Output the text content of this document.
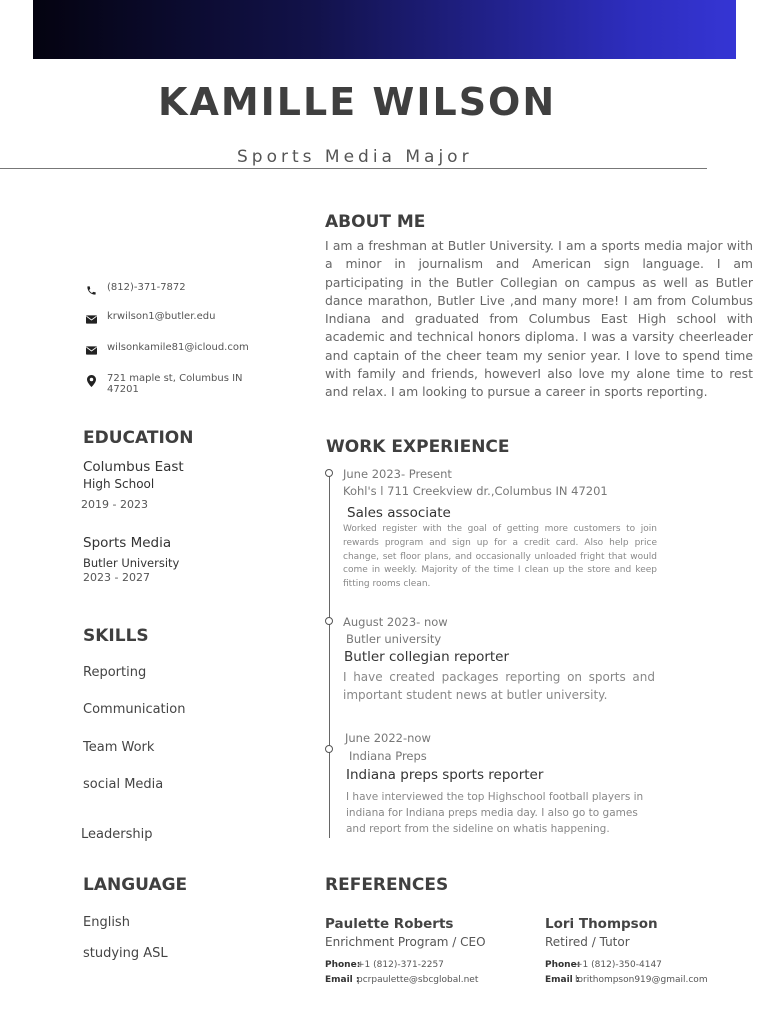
KAMILLE WILSON
Sports Media Major
(812)-371-7872
krwilson1@butler.edu
wilsonkamile81@icloud.com
721 maple st, Columbus IN 47201
EDUCATION
Columbus East
High School
2019 - 2023
Sports Media
Butler University
2023 - 2027
SKILLS
Reporting
Communication
Team Work
social Media
Leadership
LANGUAGE
English
studying ASL
ABOUT ME
I am a freshman at Butler University. I am a sports media major with a minor in journalism and American sign language. I am participating in the Butler Collegian on campus as well as Butler dance marathon, Butler Live ,and many more! I am from Columbus Indiana and graduated from Columbus East High school with academic and technical honors diploma. I was a varsity cheerleader and captain of the cheer team my senior year. I love to spend time with family and friends, howeverI also love my alone time to rest and relax. I am looking to pursue a career in sports reporting.
WORK EXPERIENCE
June 2023- Present
Kohl's l 711 Creekview dr.,Columbus IN 47201
Sales associate
Worked register with the goal of getting more customers to join rewards program and sign up for a credit card. Also help price change, set floor plans, and occasionally unloaded fright that would come in weekly. Majority of the time I clean up the store and keep fitting rooms clean.
August 2023- now
Butler university
Butler collegian reporter
I have created packages reporting on sports and important student news at butler university.
June 2022-now
Indiana Preps
Indiana preps sports reporter
I have interviewed the top Highschool football players in indiana for Indiana preps media day. I also go to games and report from the sideline on whatis happening.
REFERENCES
Paulette Roberts
Enrichment Program / CEO
Phone:+1 (812)-371-2257
Email :pcrpaulette@sbcglobal.net
Lori Thompson
Retired / Tutor
Phone:+1 (812)-350-4147
Email :lorithompson919@gmail.com
